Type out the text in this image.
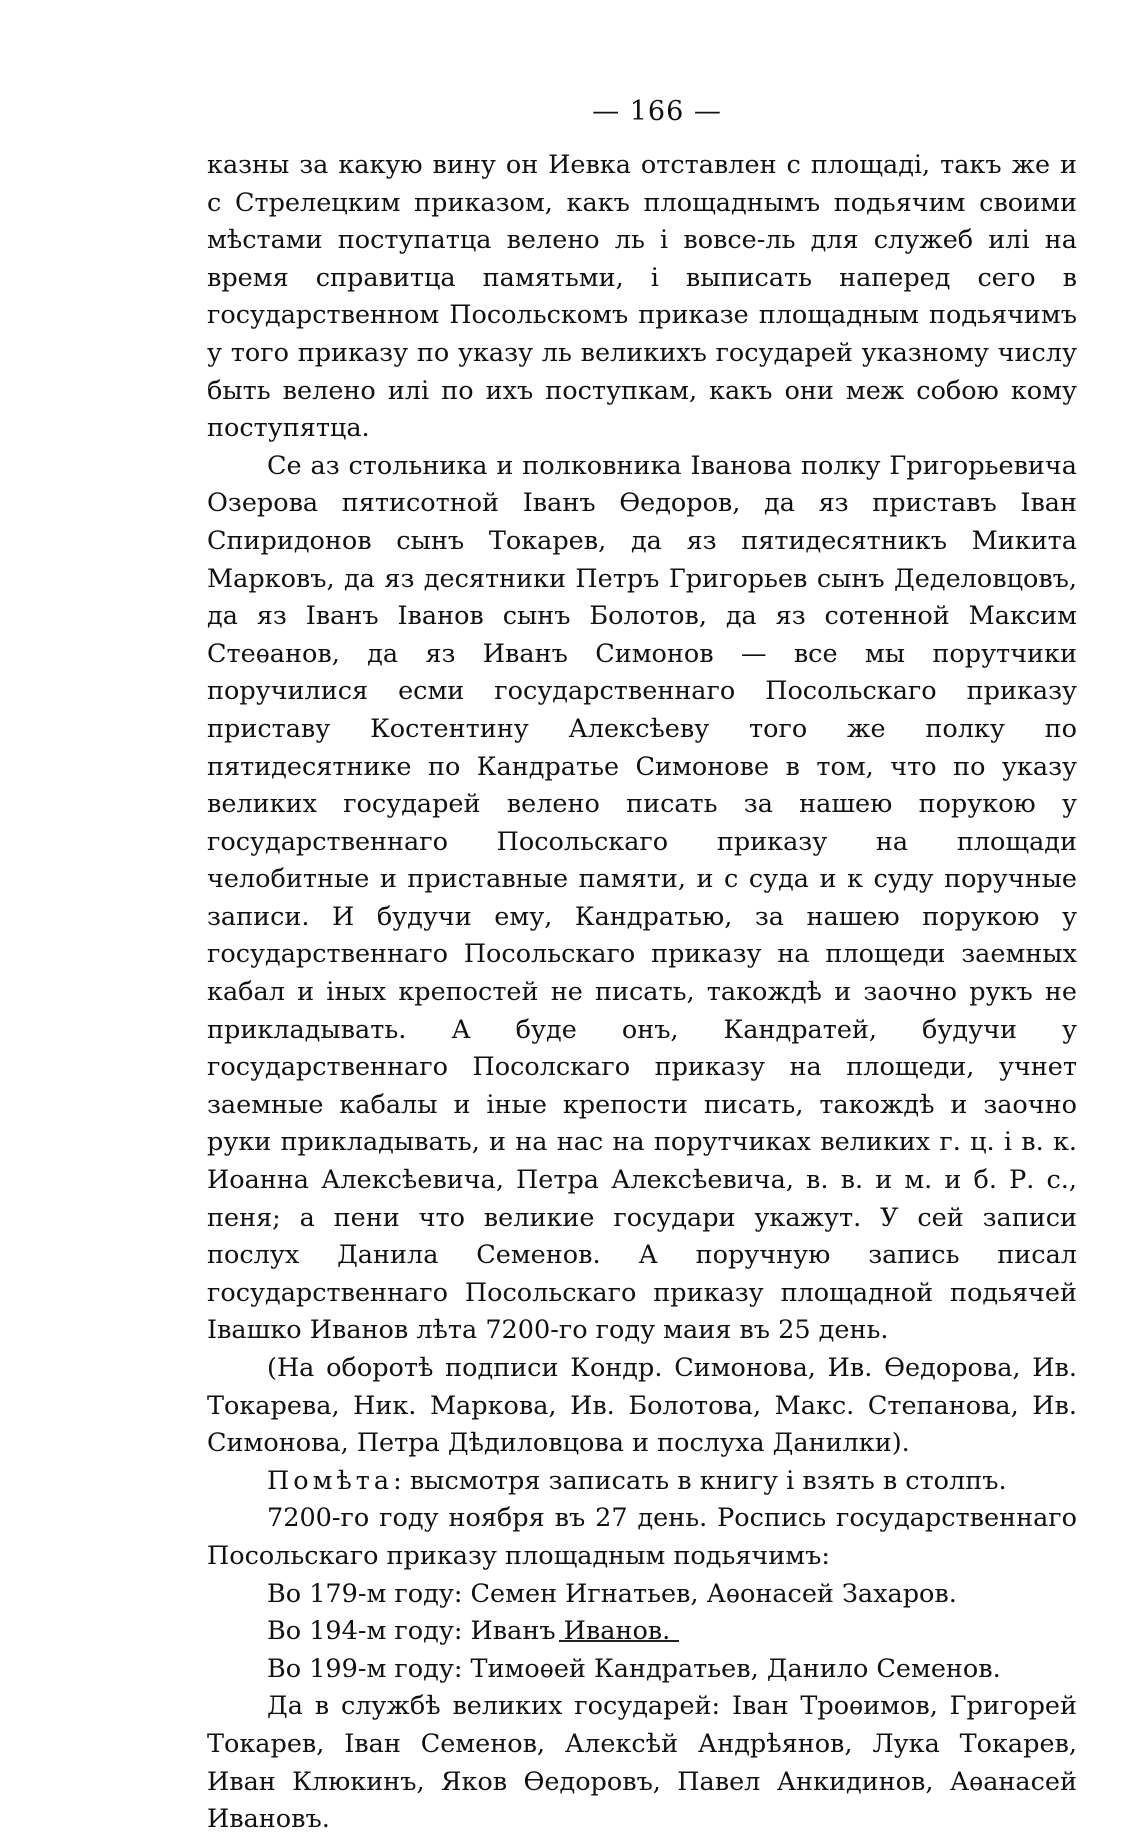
— 166 —

казны за какую вину он Иевка отставлен с площаді, такъ же и с Стрелецким приказом, какъ площаднымъ подьячим своими мѣстами поступатца велено ль і вовсе-ль для служеб илі на время справитца памятьми, і выписать наперед сего в государственном Посольскомъ приказе площадным подьячимъ у того приказу по указу ль великихъ государей указному числу быть велено илі по ихъ поступкам, какъ они меж собою кому поступятца.

Се аз стольника и полковника Іванова полку Григорьевича Озерова пятисотной Іванъ Ѳедоров, да яз приставъ Іван Спиридонов сынъ Токарев, да яз пятидесятникъ Микита Марковъ, да яз десятники Петръ Григорьев сынъ Деделовцовъ, да яз Іванъ Іванов сынъ Болотов, да яз сотенной Максим Стеѳанов, да яз Иванъ Симонов — все мы порутчики поручилися есми государственнаго Посольскаго приказу приставу Костентину Алексѣеву того же полку по пятидесятнике по Кандратье Симонове в том, что по указу великих государей велено писать за нашею порукою у государственнаго Посольскаго приказу на площади челобитные и приставные памяти, и с суда и к суду поручные записи. И будучи ему, Кандратью, за нашею порукою у государственнаго Посольскаго приказу на площеди заемных кабал и іных крепостей не писать, такождѣ и заочно рукъ не прикладывать. А буде онъ, Кандратей, будучи у государственнаго Посолскаго приказу на площеди, учнет заемные кабалы и іные крепости писать, такождѣ и заочно руки прикладывать, и на нас на порутчиках великих г. ц. і в. к. Иоанна Алексѣевича, Петра Алексѣевича, в. в. и м. и б. Р. с., пеня; а пени что великие государи укажут. У сей записи послух Данила Семенов. А поручную запись писал государственнаго Посольскаго приказу площадной подьячей Івашко Иванов лѣта 7200-го году маия въ 25 день.

(На оборотѣ подписи Кондр. Симонова, Ив. Ѳедорова, Ив. Токарева, Ник. Маркова, Ив. Болотова, Макс. Степанова, Ив. Симонова, Петра Дѣдиловцова и послуха Данилки).

Помѣта: высмотря записать в книгу і взять в столпъ.

7200-го году ноября въ 27 день. Роспись государственнаго Посольскаго приказу площадным подьячимъ:

Во 179-м году: Семен Игнатьев, Аѳонасей Захаров.

Во 194-м году: Иванъ Иванов.

Во 199-м году: Тимоѳей Кандратьев, Данило Семенов.

Да в службѣ великих государей: Іван Троѳимов, Григорей Токарев, Іван Семенов, Алексѣй Андрѣянов, Лука Токарев, Иван Клюкинъ, Яков Ѳедоровъ, Павел Анкидинов, Аѳанасей Ивановъ.
